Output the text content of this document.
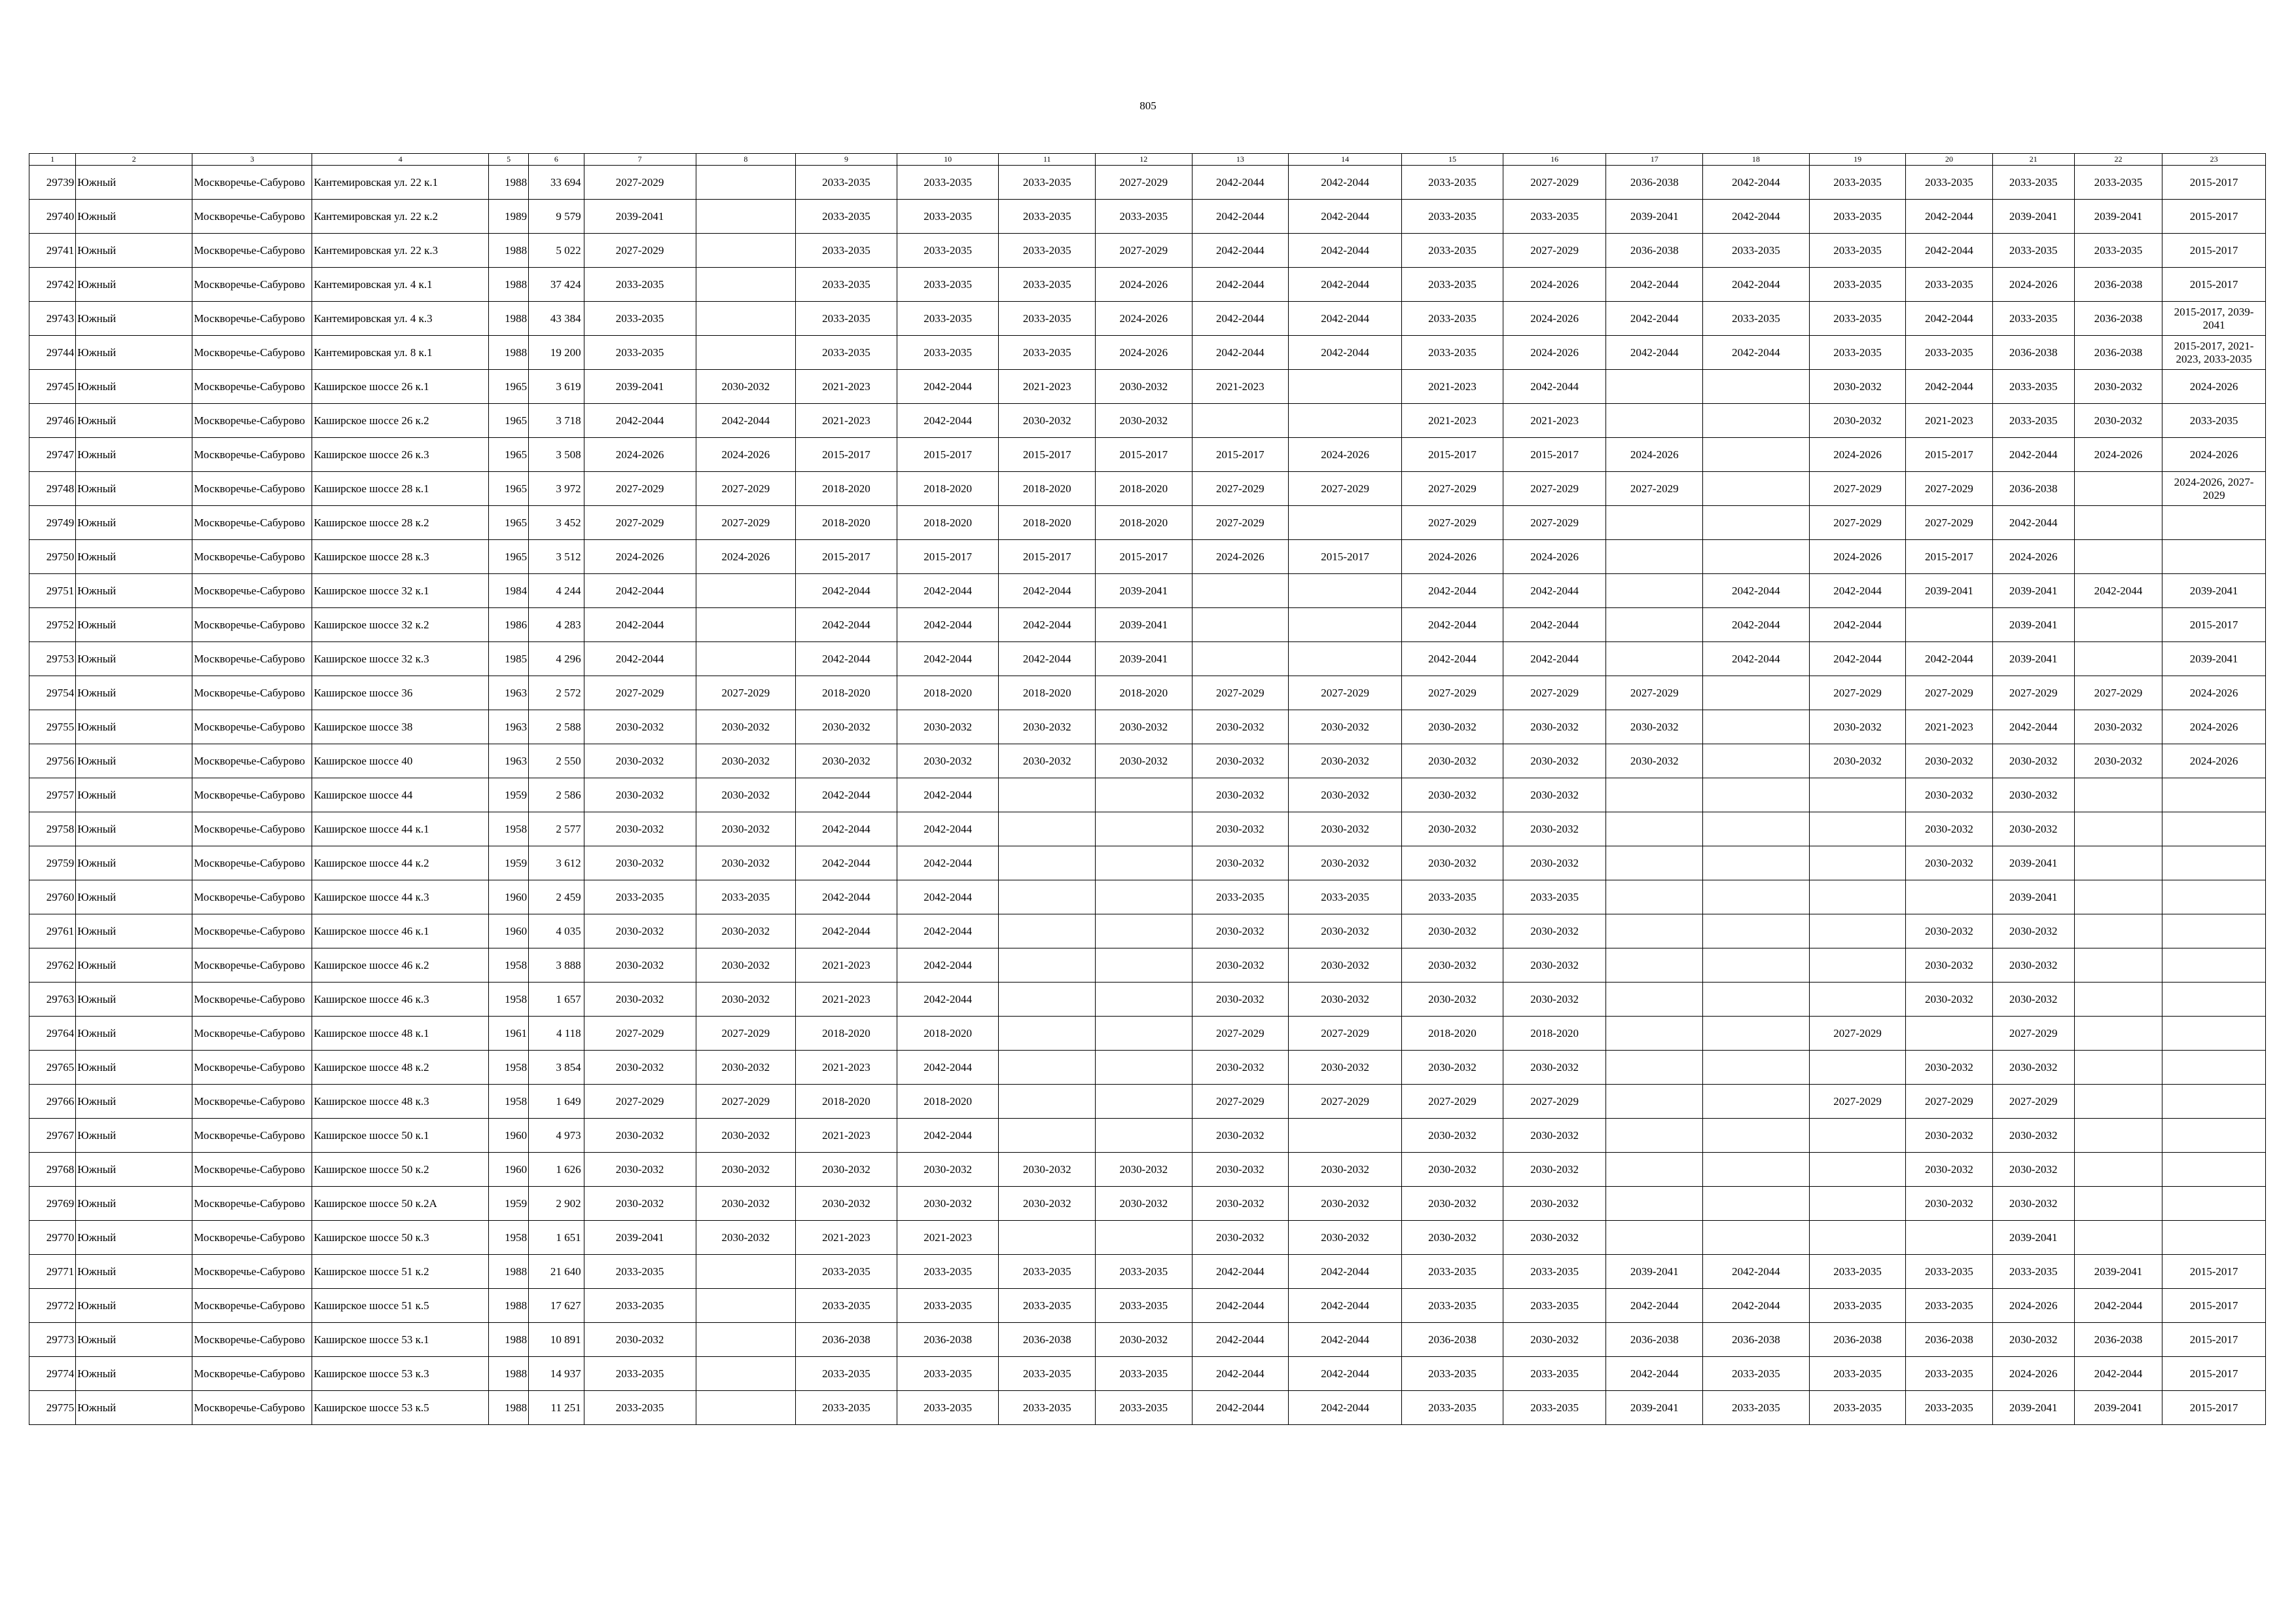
805
1	2	3	4	5	6	7	8	9	10	11	12	13	14	15	16	17	18	19	20	21	22	23
29739	Южный	Москворечье-Сабурово	Кантемировская ул. 22 к.1	1988	33 694	2027-2029		2033-2035	2033-2035	2033-2035	2027-2029	2042-2044	2042-2044	2033-2035	2027-2029	2036-2038	2042-2044	2033-2035	2033-2035	2033-2035	2033-2035	2015-2017
29740	Южный	Москворечье-Сабурово	Кантемировская ул. 22 к.2	1989	9 579	2039-2041		2033-2035	2033-2035	2033-2035	2033-2035	2042-2044	2042-2044	2033-2035	2033-2035	2039-2041	2042-2044	2033-2035	2042-2044	2039-2041	2039-2041	2015-2017
29741	Южный	Москворечье-Сабурово	Кантемировская ул. 22 к.3	1988	5 022	2027-2029		2033-2035	2033-2035	2033-2035	2027-2029	2042-2044	2042-2044	2033-2035	2027-2029	2036-2038	2033-2035	2033-2035	2042-2044	2033-2035	2033-2035	2015-2017
29742	Южный	Москворечье-Сабурово	Кантемировская ул. 4 к.1	1988	37 424	2033-2035		2033-2035	2033-2035	2033-2035	2024-2026	2042-2044	2042-2044	2033-2035	2024-2026	2042-2044	2042-2044	2033-2035	2033-2035	2024-2026	2036-2038	2015-2017
29743	Южный	Москворечье-Сабурово	Кантемировская ул. 4 к.3	1988	43 384	2033-2035		2033-2035	2033-2035	2033-2035	2024-2026	2042-2044	2042-2044	2033-2035	2024-2026	2042-2044	2033-2035	2033-2035	2042-2044	2033-2035	2036-2038	2015-2017, 2039-2041
29744	Южный	Москворечье-Сабурово	Кантемировская ул. 8 к.1	1988	19 200	2033-2035		2033-2035	2033-2035	2033-2035	2024-2026	2042-2044	2042-2044	2033-2035	2024-2026	2042-2044	2042-2044	2033-2035	2033-2035	2036-2038	2036-2038	2015-2017, 2021-2023, 2033-2035
29745	Южный	Москворечье-Сабурово	Каширское шоссе 26 к.1	1965	3 619	2039-2041	2030-2032	2021-2023	2042-2044	2021-2023	2030-2032	2021-2023		2021-2023	2042-2044			2030-2032	2042-2044	2033-2035	2030-2032	2024-2026
29746	Южный	Москворечье-Сабурово	Каширское шоссе 26 к.2	1965	3 718	2042-2044	2042-2044	2021-2023	2042-2044	2030-2032	2030-2032			2021-2023	2021-2023			2030-2032	2021-2023	2033-2035	2030-2032	2033-2035
29747	Южный	Москворечье-Сабурово	Каширское шоссе 26 к.3	1965	3 508	2024-2026	2024-2026	2015-2017	2015-2017	2015-2017	2015-2017	2015-2017	2024-2026	2015-2017	2015-2017	2024-2026		2024-2026	2015-2017	2042-2044	2024-2026	2024-2026
29748	Южный	Москворечье-Сабурово	Каширское шоссе 28 к.1	1965	3 972	2027-2029	2027-2029	2018-2020	2018-2020	2018-2020	2018-2020	2027-2029	2027-2029	2027-2029	2027-2029	2027-2029		2027-2029	2027-2029	2036-2038		2024-2026, 2027-2029
29749	Южный	Москворечье-Сабурово	Каширское шоссе 28 к.2	1965	3 452	2027-2029	2027-2029	2018-2020	2018-2020	2018-2020	2018-2020	2027-2029		2027-2029	2027-2029			2027-2029	2027-2029	2042-2044		
29750	Южный	Москворечье-Сабурово	Каширское шоссе 28 к.3	1965	3 512	2024-2026	2024-2026	2015-2017	2015-2017	2015-2017	2015-2017	2024-2026	2015-2017	2024-2026	2024-2026			2024-2026	2015-2017	2024-2026		
29751	Южный	Москворечье-Сабурово	Каширское шоссе 32 к.1	1984	4 244	2042-2044		2042-2044	2042-2044	2042-2044	2039-2041			2042-2044	2042-2044		2042-2044	2042-2044	2039-2041	2039-2041	2042-2044	2039-2041
29752	Южный	Москворечье-Сабурово	Каширское шоссе 32 к.2	1986	4 283	2042-2044		2042-2044	2042-2044	2042-2044	2039-2041			2042-2044	2042-2044		2042-2044	2042-2044		2039-2041		2015-2017
29753	Южный	Москворечье-Сабурово	Каширское шоссе 32 к.3	1985	4 296	2042-2044		2042-2044	2042-2044	2042-2044	2039-2041			2042-2044	2042-2044		2042-2044	2042-2044	2042-2044	2039-2041		2039-2041
29754	Южный	Москворечье-Сабурово	Каширское шоссе 36	1963	2 572	2027-2029	2027-2029	2018-2020	2018-2020	2018-2020	2018-2020	2027-2029	2027-2029	2027-2029	2027-2029	2027-2029		2027-2029	2027-2029	2027-2029	2027-2029	2024-2026
29755	Южный	Москворечье-Сабурово	Каширское шоссе 38	1963	2 588	2030-2032	2030-2032	2030-2032	2030-2032	2030-2032	2030-2032	2030-2032	2030-2032	2030-2032	2030-2032	2030-2032		2030-2032	2021-2023	2042-2044	2030-2032	2024-2026
29756	Южный	Москворечье-Сабурово	Каширское шоссе 40	1963	2 550	2030-2032	2030-2032	2030-2032	2030-2032	2030-2032	2030-2032	2030-2032	2030-2032	2030-2032	2030-2032	2030-2032		2030-2032	2030-2032	2030-2032	2030-2032	2024-2026
29757	Южный	Москворечье-Сабурово	Каширское шоссе 44	1959	2 586	2030-2032	2030-2032	2042-2044	2042-2044			2030-2032	2030-2032	2030-2032	2030-2032				2030-2032	2030-2032		
29758	Южный	Москворечье-Сабурово	Каширское шоссе 44 к.1	1958	2 577	2030-2032	2030-2032	2042-2044	2042-2044			2030-2032	2030-2032	2030-2032	2030-2032				2030-2032	2030-2032		
29759	Южный	Москворечье-Сабурово	Каширское шоссе 44 к.2	1959	3 612	2030-2032	2030-2032	2042-2044	2042-2044			2030-2032	2030-2032	2030-2032	2030-2032				2030-2032	2039-2041		
29760	Южный	Москворечье-Сабурово	Каширское шоссе 44 к.3	1960	2 459	2033-2035	2033-2035	2042-2044	2042-2044			2033-2035	2033-2035	2033-2035	2033-2035					2039-2041		
29761	Южный	Москворечье-Сабурово	Каширское шоссе 46 к.1	1960	4 035	2030-2032	2030-2032	2042-2044	2042-2044			2030-2032	2030-2032	2030-2032	2030-2032				2030-2032	2030-2032		
29762	Южный	Москворечье-Сабурово	Каширское шоссе 46 к.2	1958	3 888	2030-2032	2030-2032	2021-2023	2042-2044			2030-2032	2030-2032	2030-2032	2030-2032				2030-2032	2030-2032		
29763	Южный	Москворечье-Сабурово	Каширское шоссе 46 к.3	1958	1 657	2030-2032	2030-2032	2021-2023	2042-2044			2030-2032	2030-2032	2030-2032	2030-2032				2030-2032	2030-2032		
29764	Южный	Москворечье-Сабурово	Каширское шоссе 48 к.1	1961	4 118	2027-2029	2027-2029	2018-2020	2018-2020			2027-2029	2027-2029	2018-2020	2018-2020			2027-2029		2027-2029		
29765	Южный	Москворечье-Сабурово	Каширское шоссе 48 к.2	1958	3 854	2030-2032	2030-2032	2021-2023	2042-2044			2030-2032	2030-2032	2030-2032	2030-2032				2030-2032	2030-2032		
29766	Южный	Москворечье-Сабурово	Каширское шоссе 48 к.3	1958	1 649	2027-2029	2027-2029	2018-2020	2018-2020			2027-2029	2027-2029	2027-2029	2027-2029			2027-2029	2027-2029	2027-2029		
29767	Южный	Москворечье-Сабурово	Каширское шоссе 50 к.1	1960	4 973	2030-2032	2030-2032	2021-2023	2042-2044			2030-2032		2030-2032	2030-2032				2030-2032	2030-2032		
29768	Южный	Москворечье-Сабурово	Каширское шоссе 50 к.2	1960	1 626	2030-2032	2030-2032	2030-2032	2030-2032	2030-2032	2030-2032	2030-2032	2030-2032	2030-2032	2030-2032				2030-2032	2030-2032		
29769	Южный	Москворечье-Сабурово	Каширское шоссе 50 к.2А	1959	2 902	2030-2032	2030-2032	2030-2032	2030-2032	2030-2032	2030-2032	2030-2032	2030-2032	2030-2032	2030-2032				2030-2032	2030-2032		
29770	Южный	Москворечье-Сабурово	Каширское шоссе 50 к.3	1958	1 651	2039-2041	2030-2032	2021-2023	2021-2023			2030-2032	2030-2032	2030-2032	2030-2032					2039-2041		
29771	Южный	Москворечье-Сабурово	Каширское шоссе 51 к.2	1988	21 640	2033-2035		2033-2035	2033-2035	2033-2035	2033-2035	2042-2044	2042-2044	2033-2035	2033-2035	2039-2041	2042-2044	2033-2035	2033-2035	2033-2035	2039-2041	2015-2017
29772	Южный	Москворечье-Сабурово	Каширское шоссе 51 к.5	1988	17 627	2033-2035		2033-2035	2033-2035	2033-2035	2033-2035	2042-2044	2042-2044	2033-2035	2033-2035	2042-2044	2042-2044	2033-2035	2033-2035	2024-2026	2042-2044	2015-2017
29773	Южный	Москворечье-Сабурово	Каширское шоссе 53 к.1	1988	10 891	2030-2032		2036-2038	2036-2038	2036-2038	2030-2032	2042-2044	2042-2044	2036-2038	2030-2032	2036-2038	2036-2038	2036-2038	2036-2038	2030-2032	2036-2038	2015-2017
29774	Южный	Москворечье-Сабурово	Каширское шоссе 53 к.3	1988	14 937	2033-2035		2033-2035	2033-2035	2033-2035	2033-2035	2042-2044	2042-2044	2033-2035	2033-2035	2042-2044	2033-2035	2033-2035	2033-2035	2024-2026	2042-2044	2015-2017
29775	Южный	Москворечье-Сабурово	Каширское шоссе 53 к.5	1988	11 251	2033-2035		2033-2035	2033-2035	2033-2035	2033-2035	2042-2044	2042-2044	2033-2035	2033-2035	2039-2041	2033-2035	2033-2035	2033-2035	2039-2041	2039-2041	2015-2017
